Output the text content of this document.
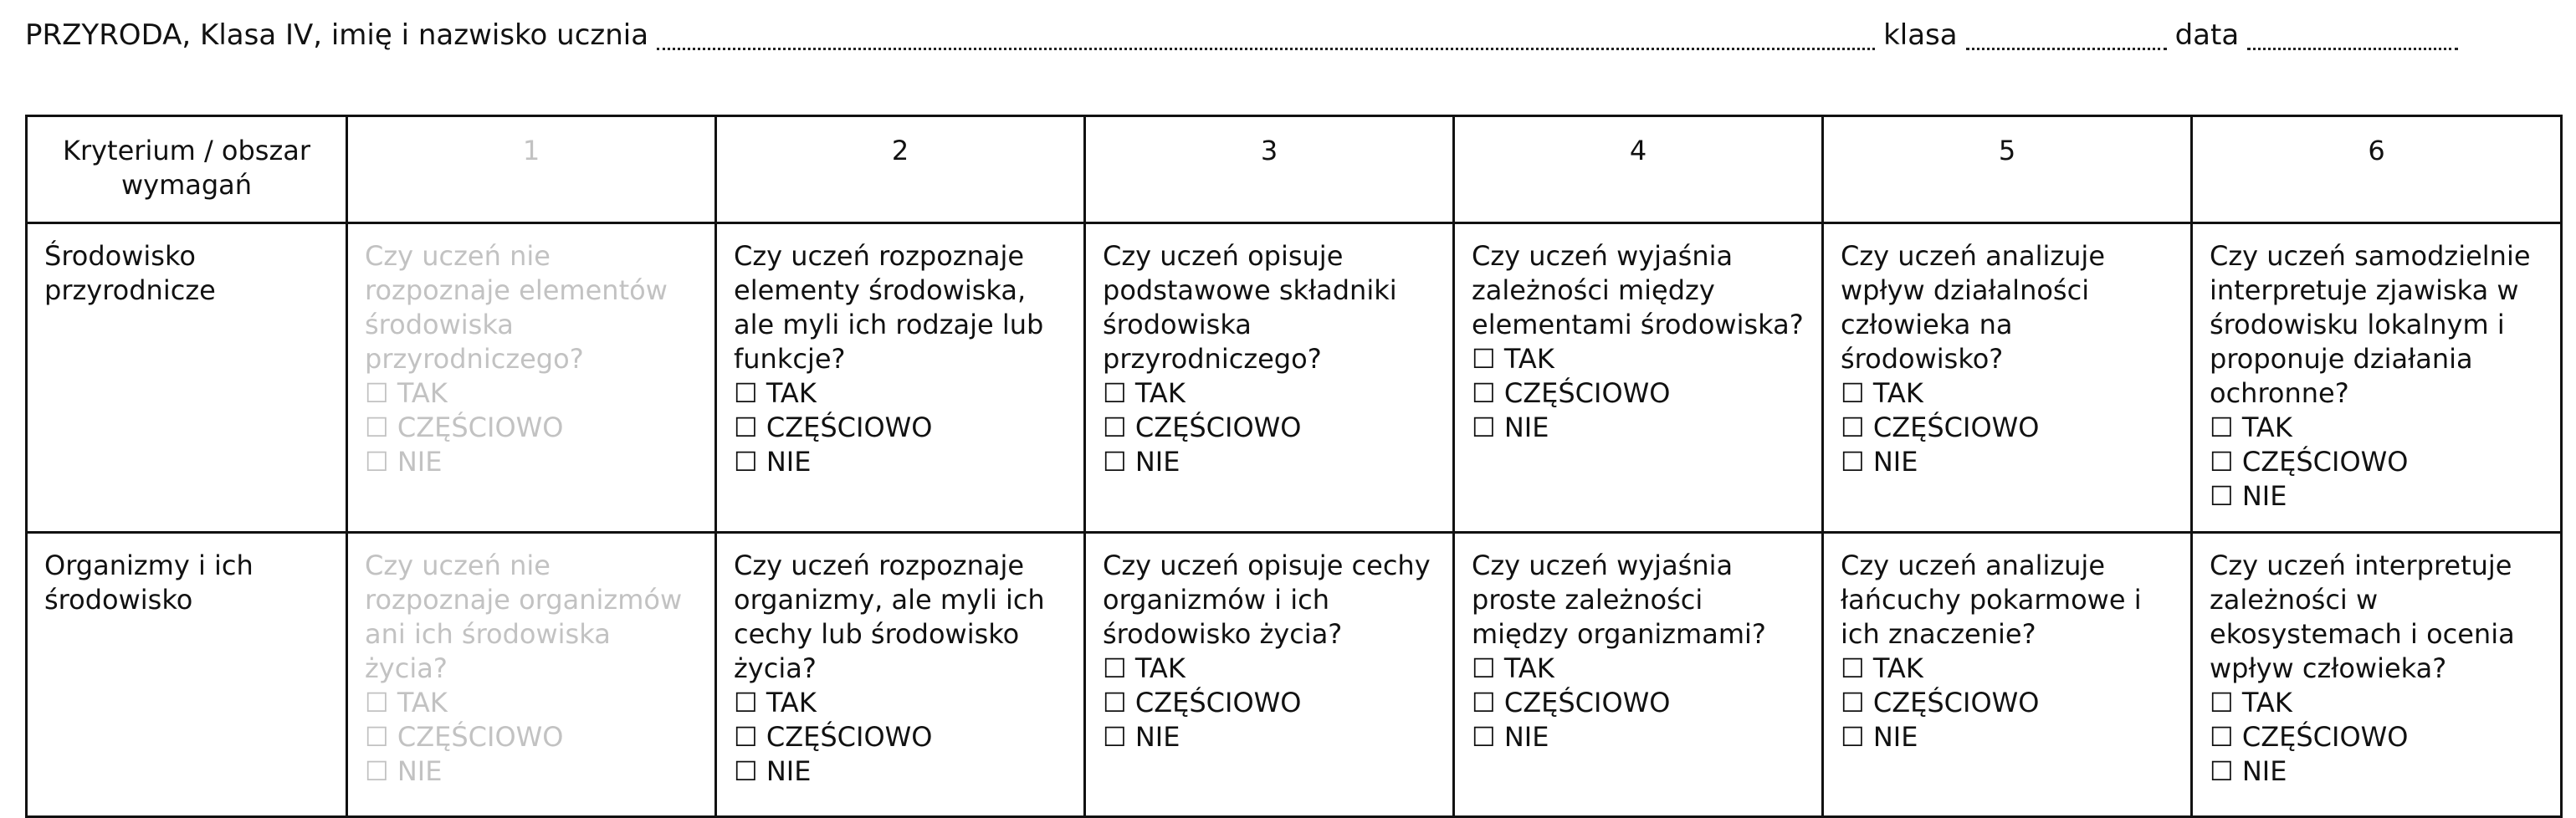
PRZYRODA, Klasa IV, imię i nazwisko ucznia	klasa	data
Kryterium / obszar wymagań	1	2	3	4	5	6
Środowisko przyrodnicze	Czy uczeń nie rozpoznaje elementów środowiska przyrodniczego?
☐ TAK
☐ CZĘŚCIOWO
☐ NIE	Czy uczeń rozpoznaje elementy środowiska, ale myli ich rodzaje lub funkcje?
☐ TAK
☐ CZĘŚCIOWO
☐ NIE	Czy uczeń opisuje podstawowe składniki środowiska przyrodniczego?
☐ TAK
☐ CZĘŚCIOWO
☐ NIE	Czy uczeń wyjaśnia zależności między elementami środowiska?
☐ TAK
☐ CZĘŚCIOWO
☐ NIE	Czy uczeń analizuje wpływ działalności człowieka na środowisko?
☐ TAK
☐ CZĘŚCIOWO
☐ NIE	Czy uczeń samodzielnie interpretuje zjawiska w środowisku lokalnym i proponuje działania ochronne?
☐ TAK
☐ CZĘŚCIOWO
☐ NIE

Organizmy i ich środowisko	Czy uczeń nie rozpoznaje organizmów ani ich środowiska życia?
☐ TAK
☐ CZĘŚCIOWO
☐ NIE	Czy uczeń rozpoznaje organizmy, ale myli ich cechy lub środowisko życia?
☐ TAK
☐ CZĘŚCIOWO
☐ NIE	Czy uczeń opisuje cechy organizmów i ich środowisko życia?
☐ TAK
☐ CZĘŚCIOWO
☐ NIE	Czy uczeń wyjaśnia proste zależności między organizmami?
☐ TAK
☐ CZĘŚCIOWO
☐ NIE	Czy uczeń analizuje łańcuchy pokarmowe i ich znaczenie?
☐ TAK
☐ CZĘŚCIOWO
☐ NIE	Czy uczeń interpretuje zależności w ekosystemach i ocenia wpływ człowieka?
☐ TAK
☐ CZĘŚCIOWO
☐ NIE
